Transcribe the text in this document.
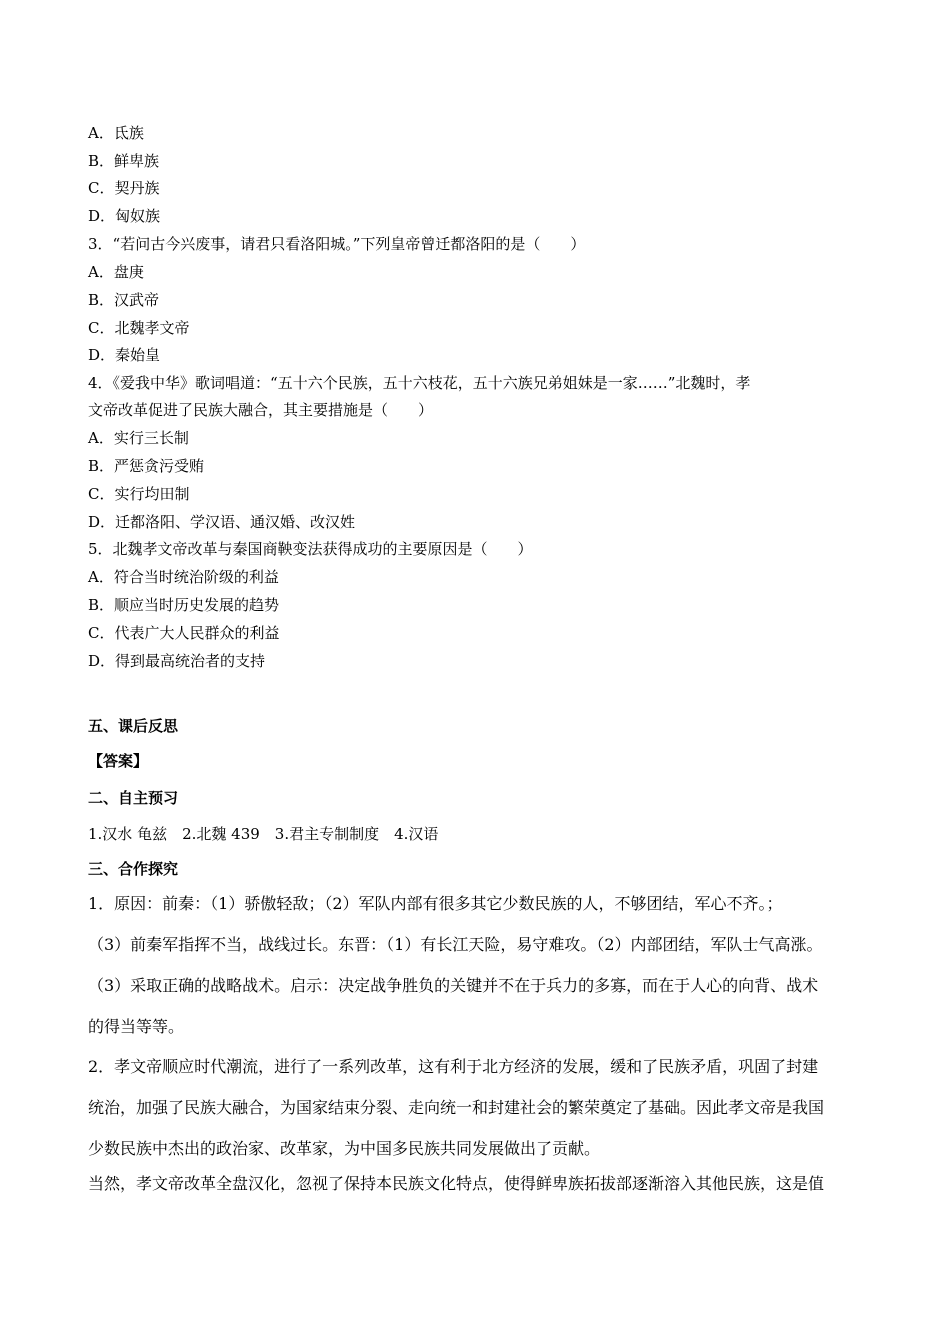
A．氐族
B．鲜卑族
C．契丹族
D．匈奴族
3．“若问古今兴废事，请君只看洛阳城。”下列皇帝曾迁都洛阳的是（　　）
B．汉武帝
A．盘庚
C．北魏孝文帝
D．秦始皇
4．《爱我中华》歌词唱道：“五十六个民族，五十六枝花，五十六族兄弟姐妹是一家……”北魏时，孝
文帝改革促进了民族大融合，其主要措施是（　　）
A．实行三长制
B．严惩贪污受贿
C．实行均田制
D．迁都洛阳、学汉语、通汉婚、改汉姓
5．北魏孝文帝改革与秦国商鞅变法获得成功的主要原因是（　　）
A．符合当时统治阶级的利益
B．顺应当时历史发展的趋势
C．代表广大人民群众的利益
D．得到最高统治者的支持
五、课后反思
【答案】
二、自主预习
1.汉水 龟兹　2.北魏 439　3.君主专制制度　4.汉语
三、合作探究
1．原因：前秦：（1）骄傲轻敌；（2）军队内部有很多其它少数民族的人，不够团结，军心不齐。；
（3）前秦军指挥不当，战线过长。东晋：（1）有长江天险，易守难攻。（2）内部团结，军队士气高涨。
（3）采取正确的战略战术。启示：决定战争胜负的关键并不在于兵力的多寡，而在于人心的向背、战术
的得当等等。
2．孝文帝顺应时代潮流，进行了一系列改革，这有利于北方经济的发展，缓和了民族矛盾，巩固了封建
统治，加强了民族大融合，为国家结束分裂、走向统一和封建社会的繁荣奠定了基础。因此孝文帝是我国
少数民族中杰出的政治家、改革家，为中国多民族共同发展做出了贡献。
当然，孝文帝改革全盘汉化，忽视了保持本民族文化特点，使得鲜卑族拓拔部逐渐溶入其他民族，这是值
